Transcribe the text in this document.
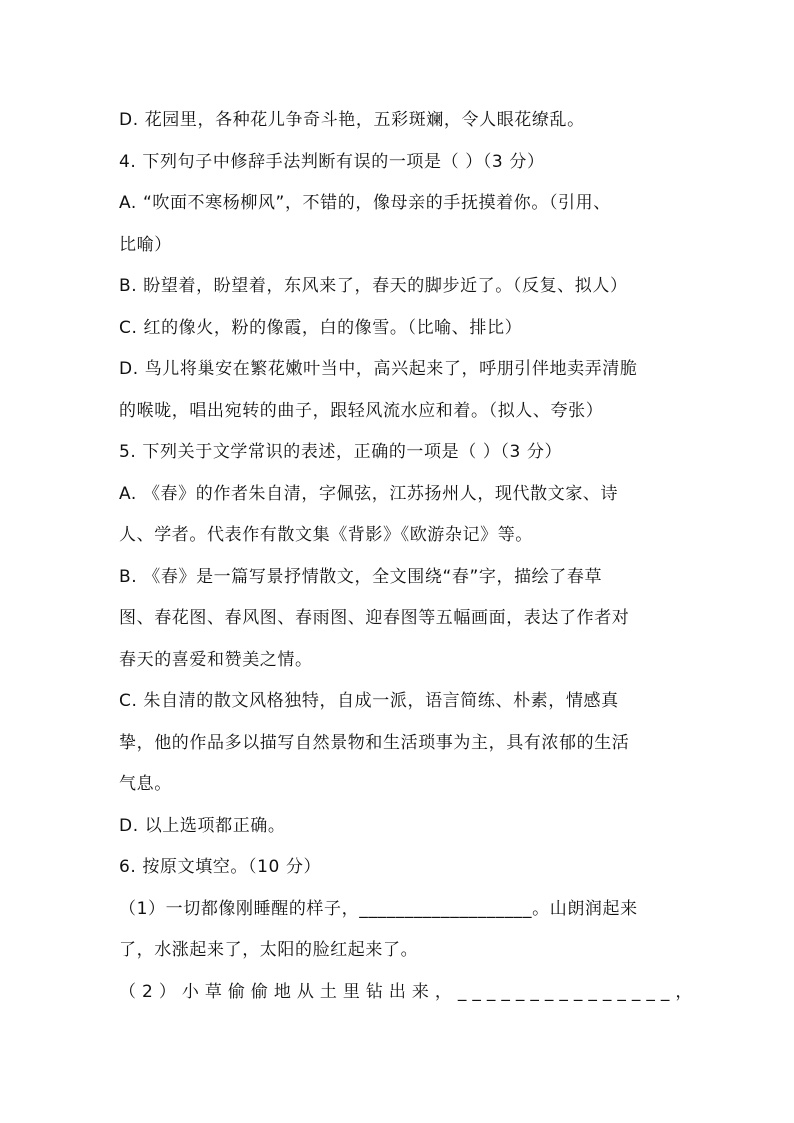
D. 花园里，各种花儿争奇斗艳，五彩斑斓，令人眼花缭乱。
4. 下列句子中修辞手法判断有误的一项是（ ）（3 分）
A. “吹面不寒杨柳风”，不错的，像母亲的手抚摸着你。（引用、
比喻）
B. 盼望着，盼望着，东风来了，春天的脚步近了。（反复、拟人）
C. 红的像火，粉的像霞，白的像雪。（比喻、排比）
D. 鸟儿将巢安在繁花嫩叶当中，高兴起来了，呼朋引伴地卖弄清脆
的喉咙，唱出宛转的曲子，跟轻风流水应和着。（拟人、夸张）
5. 下列关于文学常识的表述，正确的一项是（ ）（3 分）
A. 《春》的作者朱自清，字佩弦，江苏扬州人，现代散文家、诗
人、学者。代表作有散文集《背影》《欧游杂记》等。
B. 《春》是一篇写景抒情散文，全文围绕“春”字，描绘了春草
图、春花图、春风图、春雨图、迎春图等五幅画面，表达了作者对
春天的喜爱和赞美之情。
C. 朱自清的散文风格独特，自成一派，语言简练、朴素，情感真
挚，他的作品多以描写自然景物和生活琐事为主，具有浓郁的生活
气息。
D. 以上选项都正确。
6. 按原文填空。（10 分）
（1）一切都像刚睡醒的样子，___________________。山朗润起来
了，水涨起来了，太阳的脸红起来了。
（2）小草偷偷地从土里钻出来，_______________，
